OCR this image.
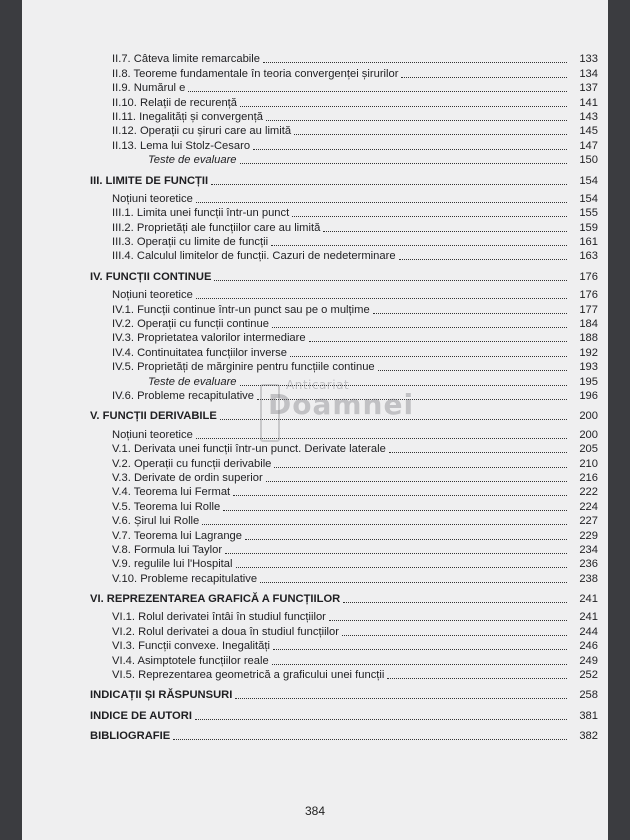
II.7. Câteva limite remarcabile	133
II.8. Teoreme fundamentale în teoria convergenței șirurilor	134
II.9. Numărul e	137
II.10. Relații de recurență	141
II.11. Inegalități și convergență	143
II.12. Operații cu șiruri care au limită	145
II.13. Lema lui Stolz-Cesaro	147
Teste de evaluare	150
III. LIMITE DE FUNCȚII	154
Noțiuni teoretice	154
III.1. Limita unei funcții într-un punct	155
III.2. Proprietăți ale funcțiilor care au limită	159
III.3. Operații cu limite de funcții	161
III.4. Calculul limitelor de funcții. Cazuri de nedeterminare	163
IV. FUNCȚII CONTINUE	176
Noțiuni teoretice	176
IV.1. Funcții continue într-un punct sau pe o mulțime	177
IV.2. Operații cu funcții continue	184
IV.3. Proprietatea valorilor intermediare	188
IV.4. Continuitatea funcțiilor inverse	192
IV.5. Proprietăți de mărginire pentru funcțiile continue	193
Teste de evaluare	195
IV.6. Probleme recapitulative	196
V. FUNCȚII DERIVABILE	200
Noțiuni teoretice	200
V.1. Derivata unei funcții într-un punct. Derivate laterale	205
V.2. Operații cu funcții derivabile	210
V.3. Derivate de ordin superior	216
V.4. Teorema lui Fermat	222
V.5. Teorema lui Rolle	224
V.6. Șirul lui Rolle	227
V.7. Teorema lui Lagrange	229
V.8. Formula lui Taylor	234
V.9. regulile lui l'Hospital	236
V.10. Probleme recapitulative	238
VI. REPREZENTAREA GRAFICĂ A FUNCȚIILOR	241
VI.1. Rolul derivatei întâi în studiul funcțiilor	241
VI.2. Rolul derivatei a doua în studiul funcțiilor	244
VI.3. Funcții convexe. Inegalități	246
VI.4. Asimptotele funcțiilor reale	249
VI.5. Reprezentarea geometrică a graficului unei funcții	252
INDICAȚII ȘI RĂSPUNSURI	258
INDICE DE AUTORI	381
BIBLIOGRAFIE	382
Anticariat
Doamnei
384
